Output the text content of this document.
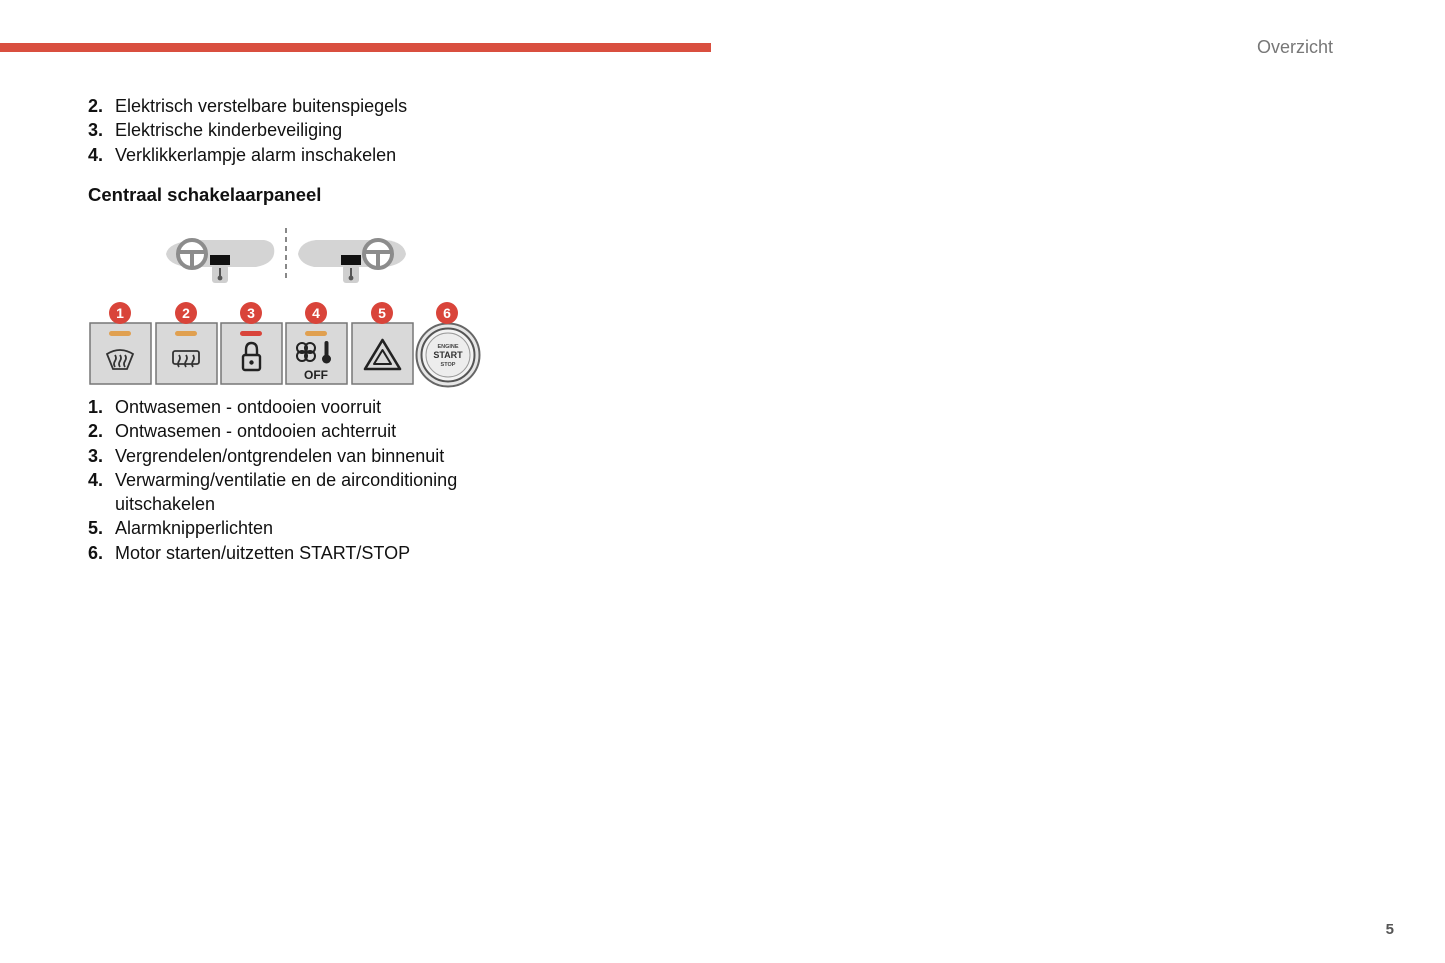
Overzicht
2. Elektrisch verstelbare buitenspiegels
3. Elektrische kinderbeveiliging
4. Verklikkerlampje alarm inschakelen
Centraal schakelaarpaneel
OFF
ENGINE
START
STOP
1	2	3	4	5	6
1. Ontwasemen - ontdooien voorruit
2. Ontwasemen - ontdooien achterruit
3. Vergrendelen/ontgrendelen van binnenuit
4. Verwarming/ventilatie en de airconditioning uitschakelen
5. Alarmknipperlichten
6. Motor starten/uitzetten START/STOP
5
